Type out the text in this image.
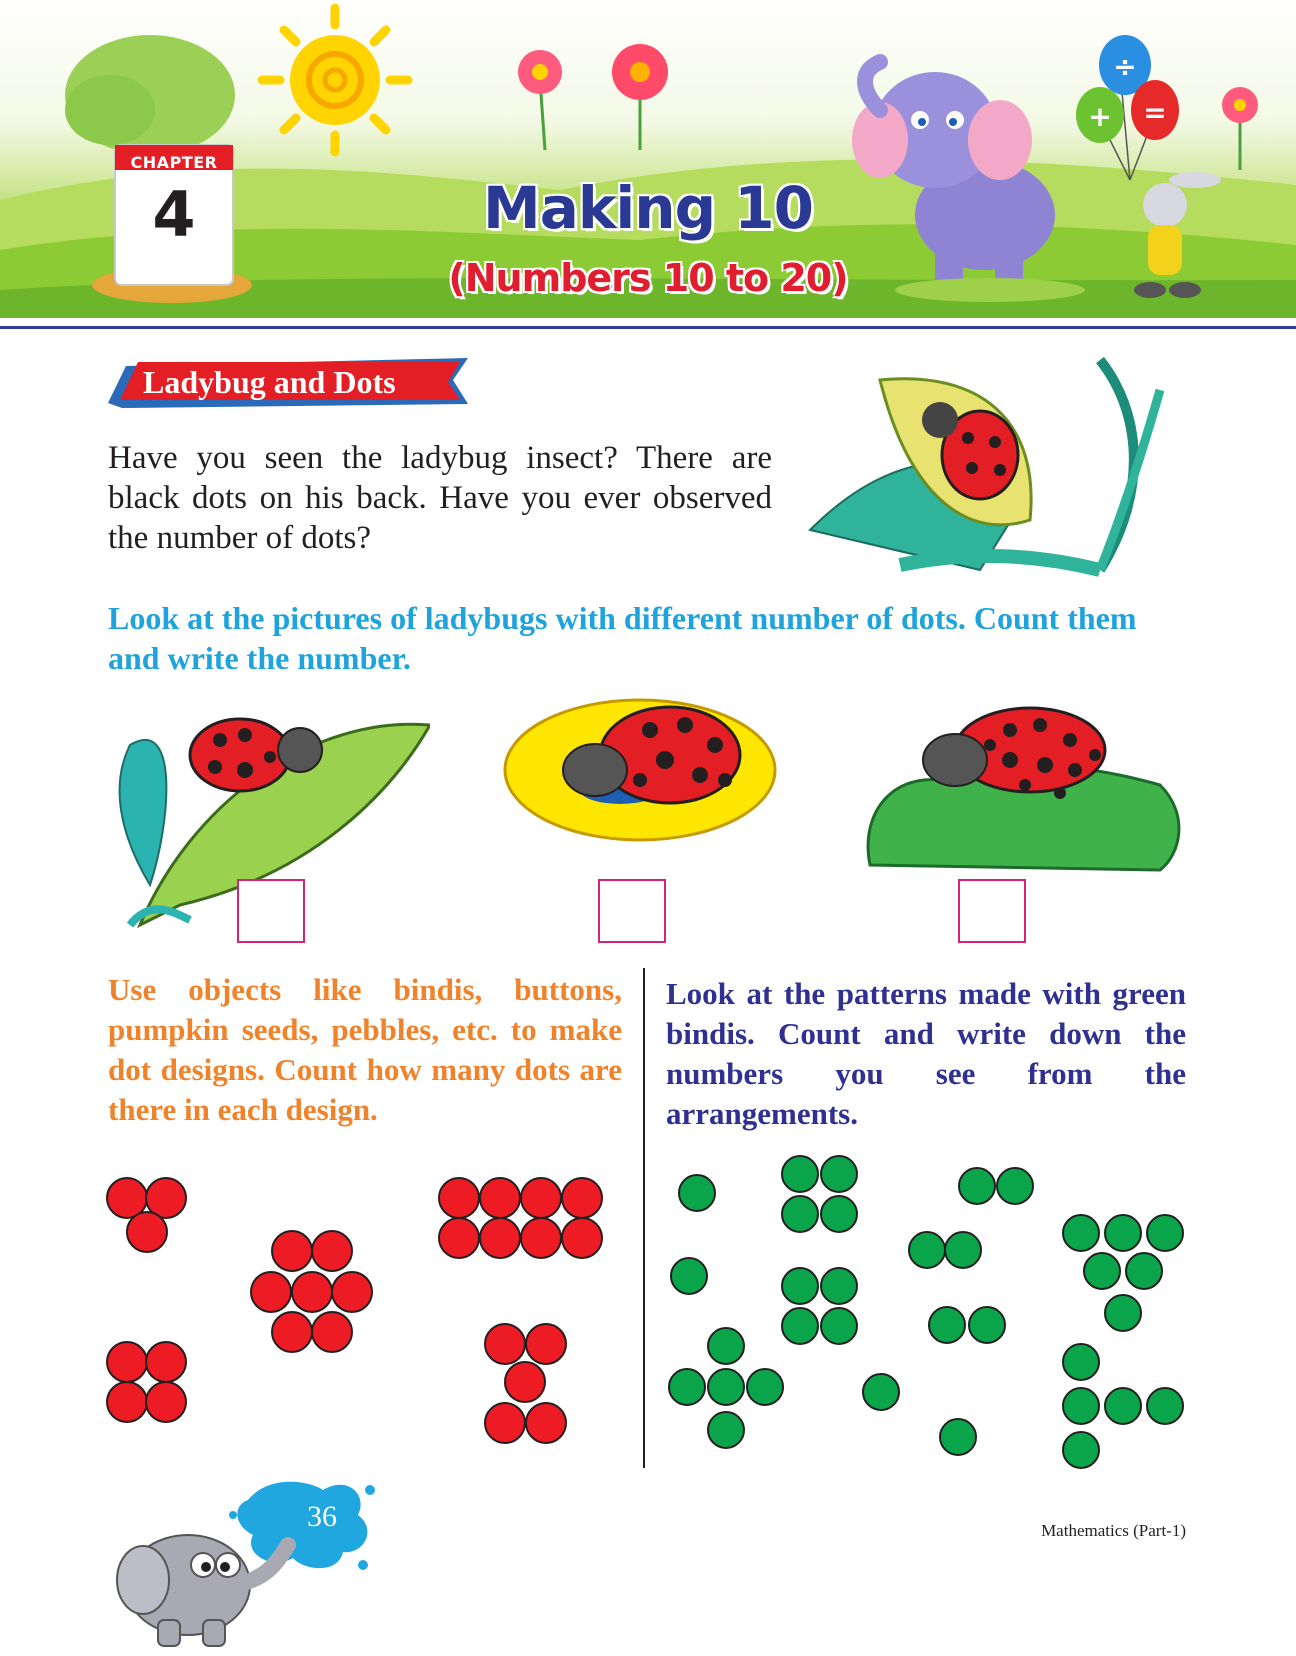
÷
+ =
CHAPTER
4	Making 10
(Numbers 10 to 20)
Ladybug and Dots
Have you seen the ladybug insect? There are black dots on his back. Have you ever observed the number of dots?
Look at the pictures of ladybugs with different number of dots. Count them and write the number.
Use objects like bindis, buttons, pumpkin seeds, pebbles, etc. to make dot designs. Count how many dots are there in each design.
Look at the patterns made with green bindis. Count and write down the numbers you see from the arrangements.
36	Mathematics (Part-1)
